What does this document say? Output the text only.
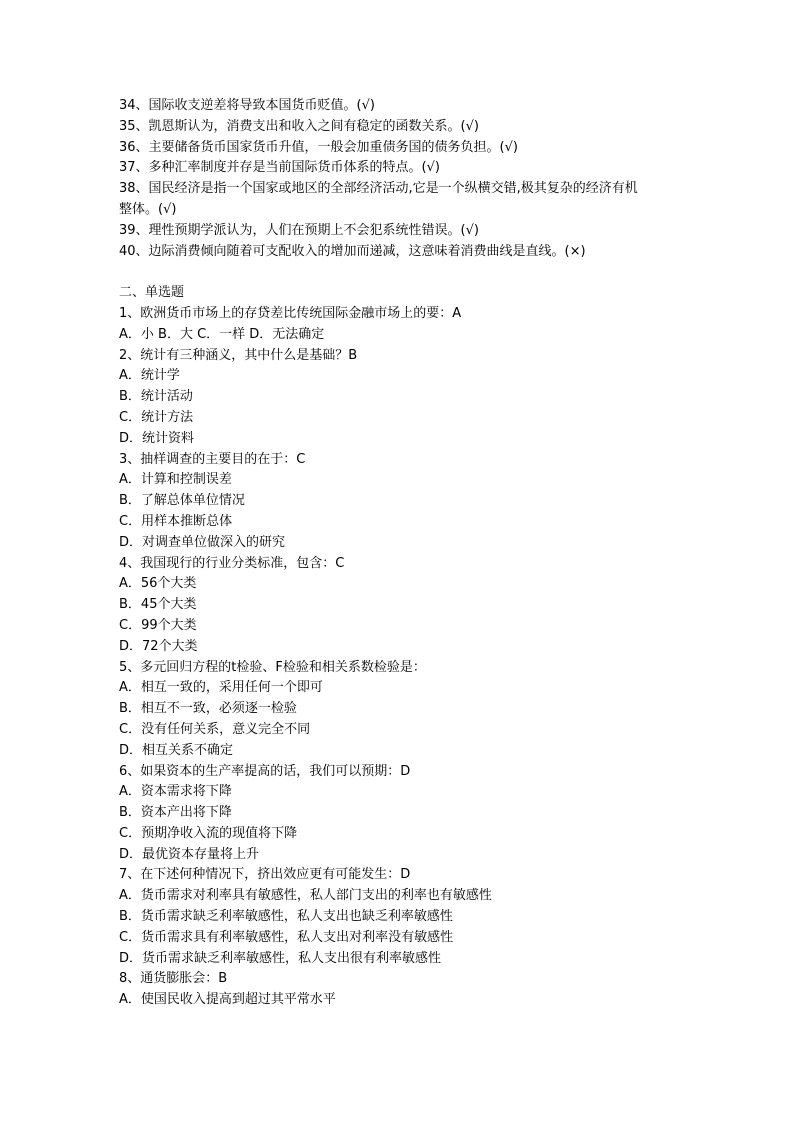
34、国际收支逆差将导致本国货币贬值。(√)
35、凯恩斯认为，消费支出和收入之间有稳定的函数关系。(√)
36、主要储备货币国家货币升值，一般会加重债务国的债务负担。(√)
37、多种汇率制度并存是当前国际货币体系的特点。(√)
38、国民经济是指一个国家或地区的全部经济活动,它是一个纵横交错,极其复杂的经济有机
整体。(√)
39、理性预期学派认为，人们在预期上不会犯系统性错误。(√)
40、边际消费倾向随着可支配收入的增加而递减，这意味着消费曲线是直线。(×)
二、单选题
1、欧洲货币市场上的存贷差比传统国际金融市场上的要：A
A．小 B．大 C．一样 D．无法确定
2、统计有三种涵义，其中什么是基础？B
A．统计学
B．统计活动
C．统计方法
D．统计资料
3、抽样调查的主要目的在于：C
A．计算和控制误差
B．了解总体单位情况
C．用样本推断总体
D．对调查单位做深入的研究
4、我国现行的行业分类标准，包含：C
A．56个大类
B．45个大类
C．99个大类
D．72个大类
5、多元回归方程的t检验、F检验和相关系数检验是：
A．相互一致的，采用任何一个即可
B．相互不一致，必须逐一检验
C．没有任何关系，意义完全不同
D．相互关系不确定
6、如果资本的生产率提高的话，我们可以预期：D
A．资本需求将下降
B．资本产出将下降
C．预期净收入流的现值将下降
D．最优资本存量将上升
7、在下述何种情况下，挤出效应更有可能发生：D
A．货币需求对利率具有敏感性，私人部门支出的利率也有敏感性
B．货币需求缺乏利率敏感性，私人支出也缺乏利率敏感性
C．货币需求具有利率敏感性，私人支出对利率没有敏感性
D．货币需求缺乏利率敏感性，私人支出很有利率敏感性
8、通货膨胀会：B
A．使国民收入提高到超过其平常水平
